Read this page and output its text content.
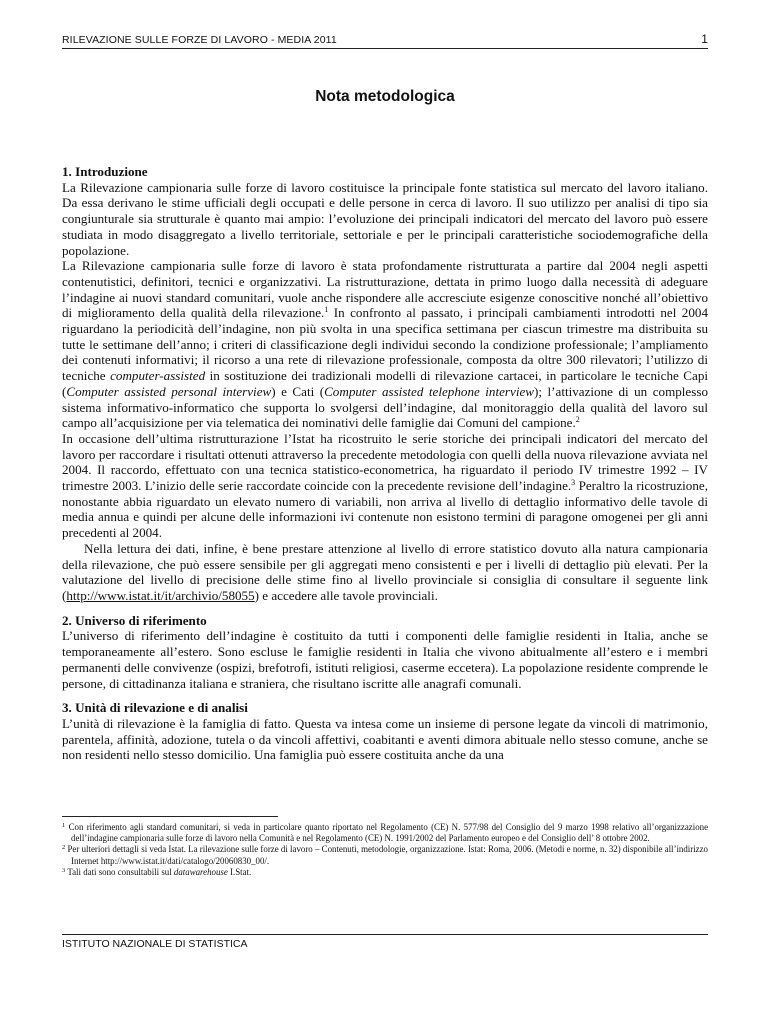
RILEVAZIONE SULLE FORZE DI LAVORO - MEDIA 2011	1
Nota metodologica
1. Introduzione

La Rilevazione campionaria sulle forze di lavoro costituisce la principale fonte statistica sul mercato del lavoro italiano. Da essa derivano le stime ufficiali degli occupati e delle persone in cerca di lavoro. Il suo utilizzo per analisi di tipo sia congiunturale sia strutturale è quanto mai ampio: l’evoluzione dei principali indicatori del mercato del lavoro può essere studiata in modo disaggregato a livello territoriale, settoriale e per le principali caratteristiche sociodemografiche della popolazione.

La Rilevazione campionaria sulle forze di lavoro è stata profondamente ristrutturata a partire dal 2004 negli aspetti contenutistici, definitori, tecnici e organizzativi. La ristrutturazione, dettata in primo luogo dalla necessità di adeguare l’indagine ai nuovi standard comunitari, vuole anche rispondere alle accresciute esigenze conoscitive nonché all’obiettivo di miglioramento della qualità della rilevazione.$^1$ In confronto al passato, i principali cambiamenti introdotti nel 2004 riguardano la periodicità dell’indagine, non più svolta in una specifica settimana per ciascun trimestre ma distribuita su tutte le settimane dell’anno; i criteri di classificazione degli individui secondo la condizione professionale; l’ampliamento dei contenuti informativi; il ricorso a una rete di rilevazione professionale, composta da oltre 300 rilevatori; l’utilizzo di tecniche computer-assisted in sostituzione dei tradizionali modelli di rilevazione cartacei, in particolare le tecniche Capi (Computer assisted personal interview) e Cati (Computer assisted telephone interview); l’attivazione di un complesso sistema informativo-informatico che supporta lo svolgersi dell’indagine, dal monitoraggio della qualità del lavoro sul campo all’acquisizione per via telematica dei nominativi delle famiglie dai Comuni del campione.$^2$

In occasione dell’ultima ristrutturazione l’Istat ha ricostruito le serie storiche dei principali indicatori del mercato del lavoro per raccordare i risultati ottenuti attraverso la precedente metodologia con quelli della nuova rilevazione avviata nel 2004. Il raccordo, effettuato con una tecnica statistico-econometrica, ha riguardato il periodo IV trimestre 1992 – IV trimestre 2003. L’inizio delle serie raccordate coincide con la precedente revisione dell’indagine.$^3$ Peraltro la ricostruzione, nonostante abbia riguardato un elevato numero di variabili, non arriva al livello di dettaglio informativo delle tavole di media annua e quindi per alcune delle informazioni ivi contenute non esistono termini di paragone omogenei per gli anni precedenti al 2004.

Nella lettura dei dati, infine, è bene prestare attenzione al livello di errore statistico dovuto alla natura campionaria della rilevazione, che può essere sensibile per gli aggregati meno consistenti e per i livelli di dettaglio più elevati. Per la valutazione del livello di precisione delle stime fino al livello provinciale si consiglia di consultare il seguente link (http://www.istat.it/it/archivio/58055) e accedere alle tavole provinciali.

2. Universo di riferimento

L’universo di riferimento dell’indagine è costituito da tutti i componenti delle famiglie residenti in Italia, anche se temporaneamente all’estero. Sono escluse le famiglie residenti in Italia che vivono abitualmente all’estero e i membri permanenti delle convivenze (ospizi, brefotrofi, istituti religiosi, caserme eccetera). La popolazione residente comprende le persone, di cittadinanza italiana e straniera, che risultano iscritte alle anagrafi comunali.

3. Unità di rilevazione e di analisi

L’unità di rilevazione è la famiglia di fatto. Questa va intesa come un insieme di persone legate da vincoli di matrimonio, parentela, affinità, adozione, tutela o da vincoli affettivi, coabitanti e aventi dimora abituale nello stesso comune, anche se non residenti nello stesso domicilio. Una famiglia può essere costituita anche da una

$^1$ Con riferimento agli standard comunitari, si veda in particolare quanto riportato nel Regolamento (CE) N. 577/98 del Consiglio del 9 marzo 1998 relativo all’organizzazione dell’indagine campionaria sulle forze di lavoro nella Comunità e nel Regolamento (CE) N. 1991/2002 del Parlamento europeo e del Consiglio dell’ 8 ottobre 2002.

$^2$ Per ulteriori dettagli si veda Istat. La rilevazione sulle forze di lavoro – Contenuti, metodologie, organizzazione. Istat: Roma, 2006. (Metodi e norme, n. 32) disponibile all’indirizzo Internet http://www.istat.it/dati/catalogo/20060830_00/.

$^3$ Tali dati sono consultabili sul datawarehouse I.Stat.

ISTITUTO NAZIONALE DI STATISTICA
